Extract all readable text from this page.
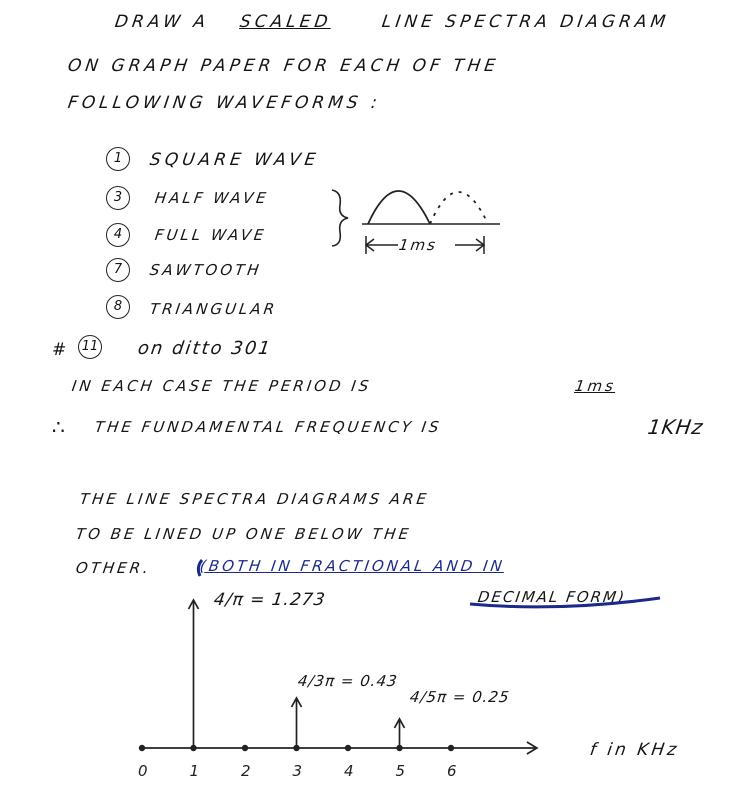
DRAW A SCALED	LINE SPECTRA DIAGRAM
ON GRAPH PAPER FOR EACH OF THE
FOLLOWING WAVEFORMS :
1	SQUARE WAVE
3	HALF WAVE
4	FULL WAVE
7	SAWTOOTH
8	TRIANGULAR
# 11 on ditto 301
IN EACH CASE THE PERIOD IS	1ms
∴ THE FUNDAMENTAL FREQUENCY IS	1KHz
THE LINE SPECTRA DIAGRAMS ARE
TO BE LINED UP ONE BELOW THE
OTHER.	(BOTH IN FRACTIONAL AND IN
DECIMAL FORM)
0	1	2	3	4	5	6
1ms
4/π = 1.273
4/3π = 0.43
4/5π = 0.25
f in KHz
